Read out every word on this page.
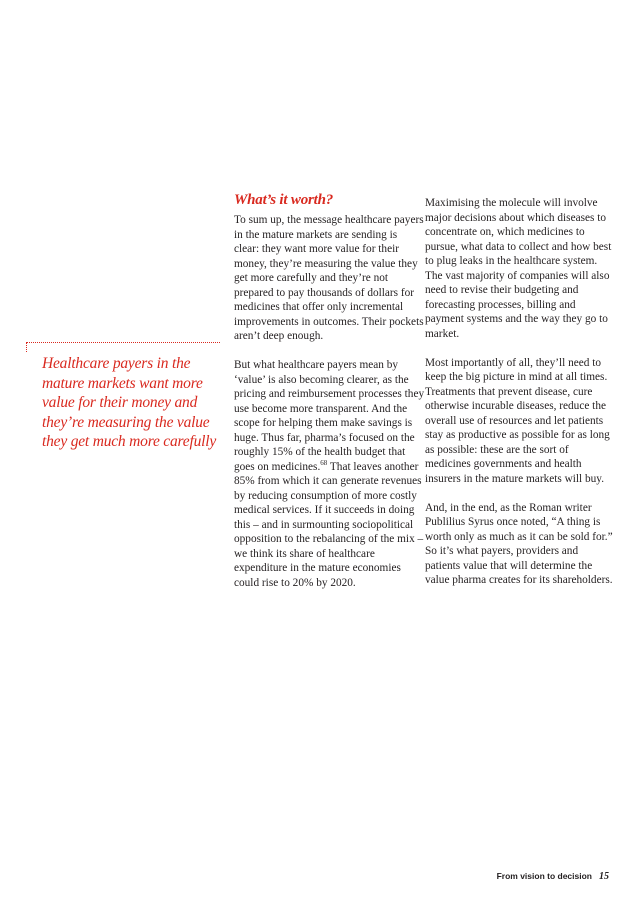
Healthcare payers in the mature markets want more value for their money and they’re measuring the value they get much more carefully

What’s it worth?

To sum up, the message healthcare payers in the mature markets are sending is clear: they want more value for their money, they’re measuring the value they get more carefully and they’re not prepared to pay thousands of dollars for medicines that offer only incremental improvements in outcomes. Their pockets aren’t deep enough.

But what healthcare payers mean by ‘value’ is also becoming clearer, as the pricing and reimbursement processes they use become more transparent. And the scope for helping them make savings is huge. Thus far, pharma’s focused on the roughly 15% of the health budget that goes on medicines.$^{68}$ That leaves another 85% from which it can generate revenues by reducing consumption of more costly medical services. If it succeeds in doing this – and in surmounting sociopolitical opposition to the rebalancing of the mix – we think its share of healthcare expenditure in the mature economies could rise to 20% by 2020.

Maximising the molecule will involve major decisions about which diseases to concentrate on, which medicines to pursue, what data to collect and how best to plug leaks in the healthcare system. The vast majority of companies will also need to revise their budgeting and forecasting processes, billing and payment systems and the way they go to market.

Most importantly of all, they’ll need to keep the big picture in mind at all times. Treatments that prevent disease, cure otherwise incurable diseases, reduce the overall use of resources and let patients stay as productive as possible for as long as possible: these are the sort of medicines governments and health insurers in the mature markets will buy.

And, in the end, as the Roman writer Publilius Syrus once noted, “A thing is worth only as much as it can be sold for.” So it’s what payers, providers and patients value that will determine the value pharma creates for its shareholders.

From vision to decision 15
